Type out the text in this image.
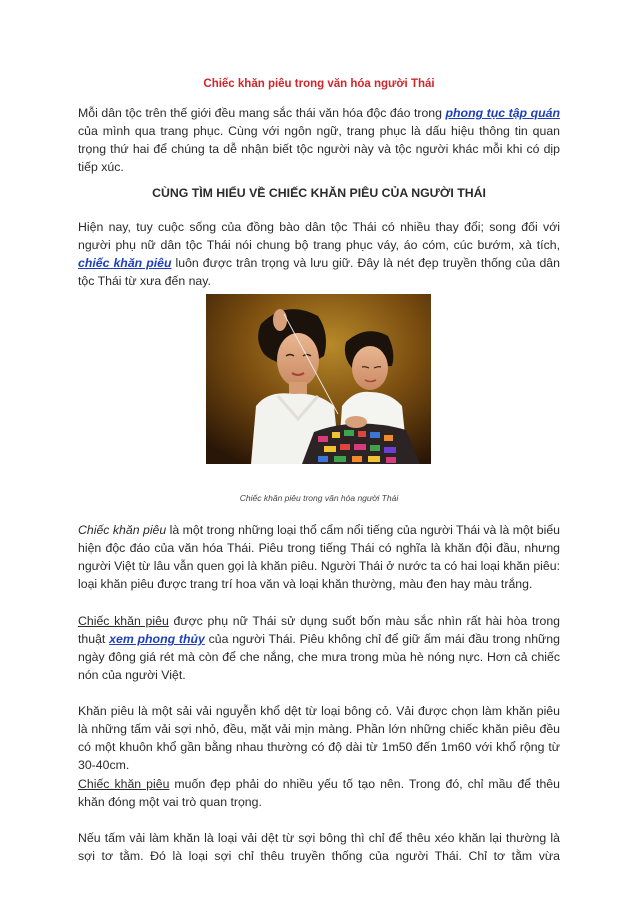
Chiếc khăn piêu trong văn hóa người Thái
Mỗi dân tộc trên thế giới đều mang sắc thái văn hóa độc đáo trong phong tục tập quán của mình qua trang phục. Cùng với ngôn ngữ, trang phục là dấu hiệu thông tin quan trọng thứ hai để chúng ta dễ nhận biết tộc người này và tộc người khác mỗi khi có dịp tiếp xúc.
CÙNG TÌM HIỂU VỀ CHIẾC KHĂN PIÊU CỦA NGƯỜI THÁI
Hiện nay, tuy cuộc sống của đồng bào dân tộc Thái có nhiều thay đổi; song đối với người phụ nữ dân tộc Thái nói chung bộ trang phục váy, áo cóm, cúc bướm, xà tích, chiếc khăn piêu luôn được trân trọng và lưu giữ. Đây là nét đẹp truyền thống của dân tộc Thái từ xưa đến nay.
Chiếc khăn piêu trong văn hóa người Thái
Chiếc khăn piêu là một trong những loại thổ cẩm nổi tiếng của người Thái và là một biểu hiện độc đáo của văn hóa Thái. Piêu trong tiếng Thái có nghĩa là khăn đội đầu, nhưng người Việt từ lâu vẫn quen gọi là khăn piêu. Người Thái ở nước ta có hai loại khăn piêu: loại khăn piêu được trang trí hoa văn và loại khăn thường, màu đen hay màu trắng.
Chiếc khăn piêu được phụ nữ Thái sử dụng suốt bốn màu sắc nhìn rất hài hòa trong thuật xem phong thủy của người Thái. Piêu không chỉ để giữ ấm mái đầu trong những ngày đông giá rét mà còn để che nắng, che mưa trong mùa hè nóng nực. Hơn cả chiếc nón của người Việt.
Khăn piêu là một sải vải nguyễn khổ dệt từ loại bông cỏ. Vải được chọn làm khăn piêu là những tấm vải sợi nhỏ, đều, mặt vải mịn màng. Phần lớn những chiếc khăn piêu đều có một khuôn khổ gần bằng nhau thường có độ dài từ 1m50 đến 1m60 với khổ rộng từ 30-40cm.
Chiếc khăn piêu muốn đẹp phải do nhiều yếu tố tạo nên. Trong đó, chỉ mầu để thêu khăn đóng một vai trò quan trọng.
Nếu tấm vải làm khăn là loại vải dệt từ sợi bông thì chỉ để thêu xéo khăn lại thường là sợi tơ tằm. Đó là loại sợi chỉ thêu truyền thống của người Thái. Chỉ tơ tằm vừa
